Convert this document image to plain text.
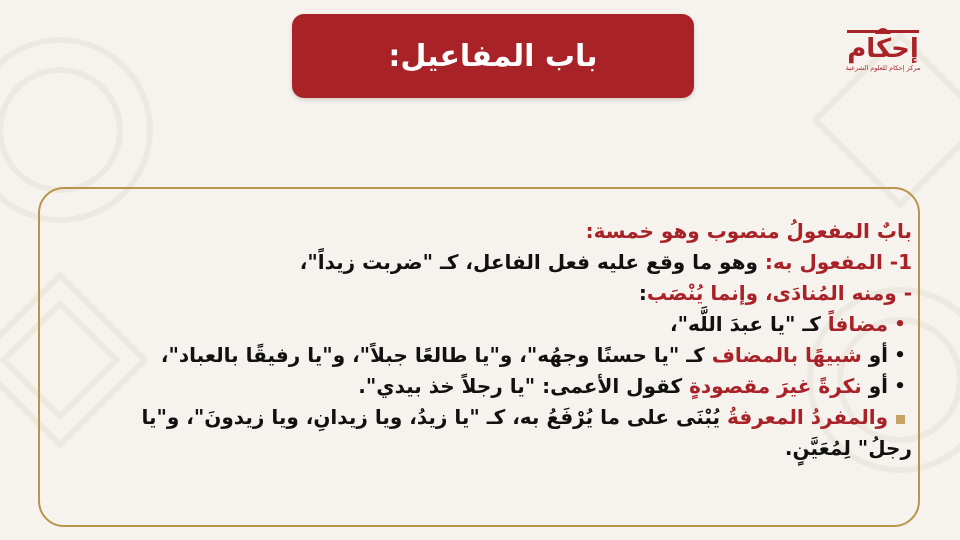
باب المفاعيل:	إحكام
مركز إحكام للعلوم الشرعية
بابٌ المفعولُ منصوب وهو خمسة:
1- المفعول به: وهو ما وقع عليه فعل الفاعل، كـ "ضربت زيداً"،
- ومنه المُنادَى، وإنما يُنْصَب:
•
مضافاً كـ "يا عبدَ اللَّه"،
•
أو شبيهًا بالمضاف كـ "يا حسنًا وجهُه"، و"يا طالعًا جبلاً"، و"يا رفيقًا بالعباد"،
•
أو نكرةً غيرَ مقصودةٍ كقول الأعمى: "يا رجلاً خذ بيدي".
والمفردُ المعرفةُ يُبْنَى على ما يُرْفَعُ به، كـ "يا زيدُ، ويا زيدانِ، ويا زيدونَ"، و"يا
رجلُ" لِمُعَيَّنٍ.
